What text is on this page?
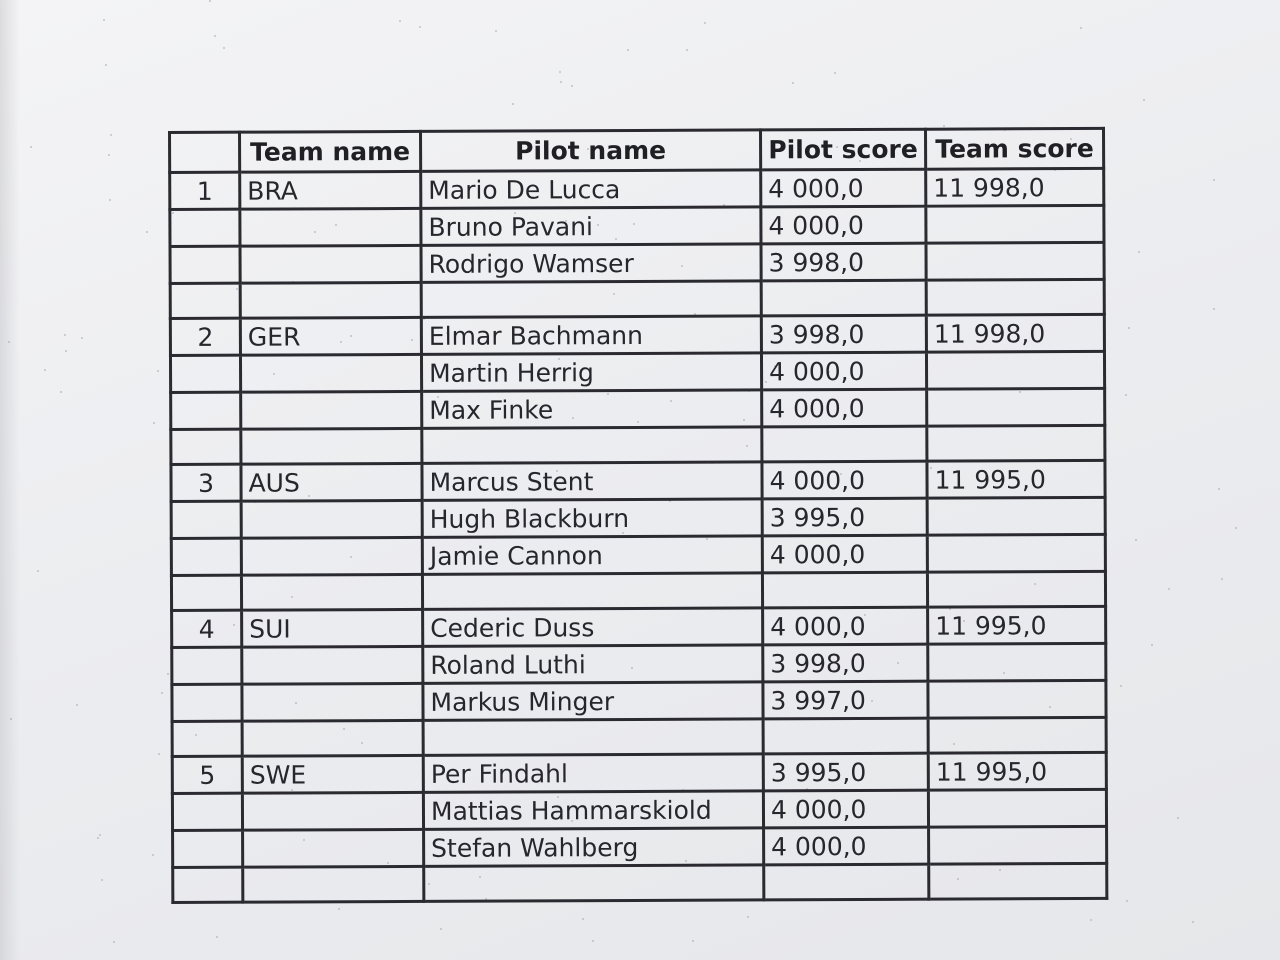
	Team name	Pilot name	Pilot score	Team score
1	BRA	Mario De Lucca	4 000,0	11 998,0
		Bruno Pavani	4 000,0	
		Rodrigo Wamser	3 998,0	

2	GER	Elmar Bachmann	3 998,0	11 998,0
		Martin Herrig	4 000,0	
		Max Finke	4 000,0	

3	AUS	Marcus Stent	4 000,0	11 995,0
		Hugh Blackburn	3 995,0	
		Jamie Cannon	4 000,0	

4	SUI	Cederic Duss	4 000,0	11 995,0
		Roland Luthi	3 998,0	
		Markus Minger	3 997,0	

5	SWE	Per Findahl	3 995,0	11 995,0
		Mattias Hammarskiold	4 000,0	
		Stefan Wahlberg	4 000,0	
